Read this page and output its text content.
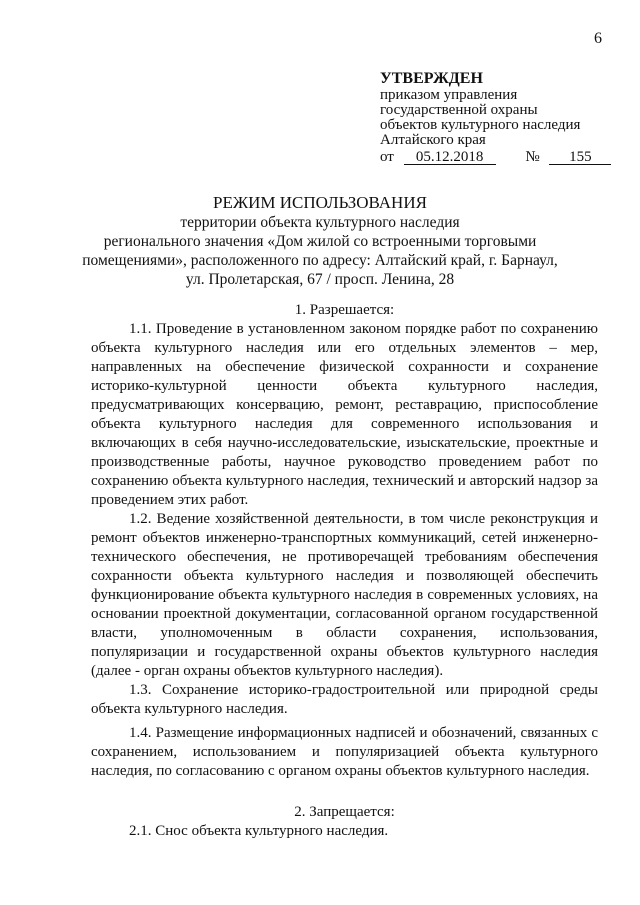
6
УТВЕРЖДЕН
приказом управления
государственной охраны
объектов культурного наследия
Алтайского края
от 05.12.2018	№ 155
РЕЖИМ ИСПОЛЬЗОВАНИЯ
территории объекта культурного наследия
регионального значения «Дом жилой со встроенными торговыми
помещениями», расположенного по адресу: Алтайский край, г. Барнаул,
ул. Пролетарская, 67 / просп. Ленина, 28

1. Разрешается:

1.1. Проведение в установленном законом порядке работ по сохранению объекта культурного наследия или его отдельных элементов – мер, направленных на обеспечение физической сохранности и сохранение историко-культурной ценности объекта культурного наследия, предусматривающих консервацию, ремонт, реставрацию, приспособление объекта культурного наследия для современного использования и включающих в себя научно-исследовательские, изыскательские, проектные и производственные работы, научное руководство проведением работ по сохранению объекта культурного наследия, технический и авторский надзор за проведением этих работ.

1.2. Ведение хозяйственной деятельности, в том числе реконструкция и ремонт объектов инженерно-транспортных коммуникаций, сетей инженерно-технического обеспечения, не противоречащей требованиям обеспечения сохранности объекта культурного наследия и позволяющей обеспечить функционирование объекта культурного наследия в современных условиях, на основании проектной документации, согласованной органом государственной власти, уполномоченным в области сохранения, использования, популяризации и государственной охраны объектов культурного наследия (далее - орган охраны объектов культурного наследия).

1.3. Сохранение историко-градостроительной или природной среды объекта культурного наследия.

1.4. Размещение информационных надписей и обозначений, связанных с сохранением, использованием и популяризацией объекта культурного наследия, по согласованию с органом охраны объектов культурного наследия.

2. Запрещается:

2.1. Снос объекта культурного наследия.
